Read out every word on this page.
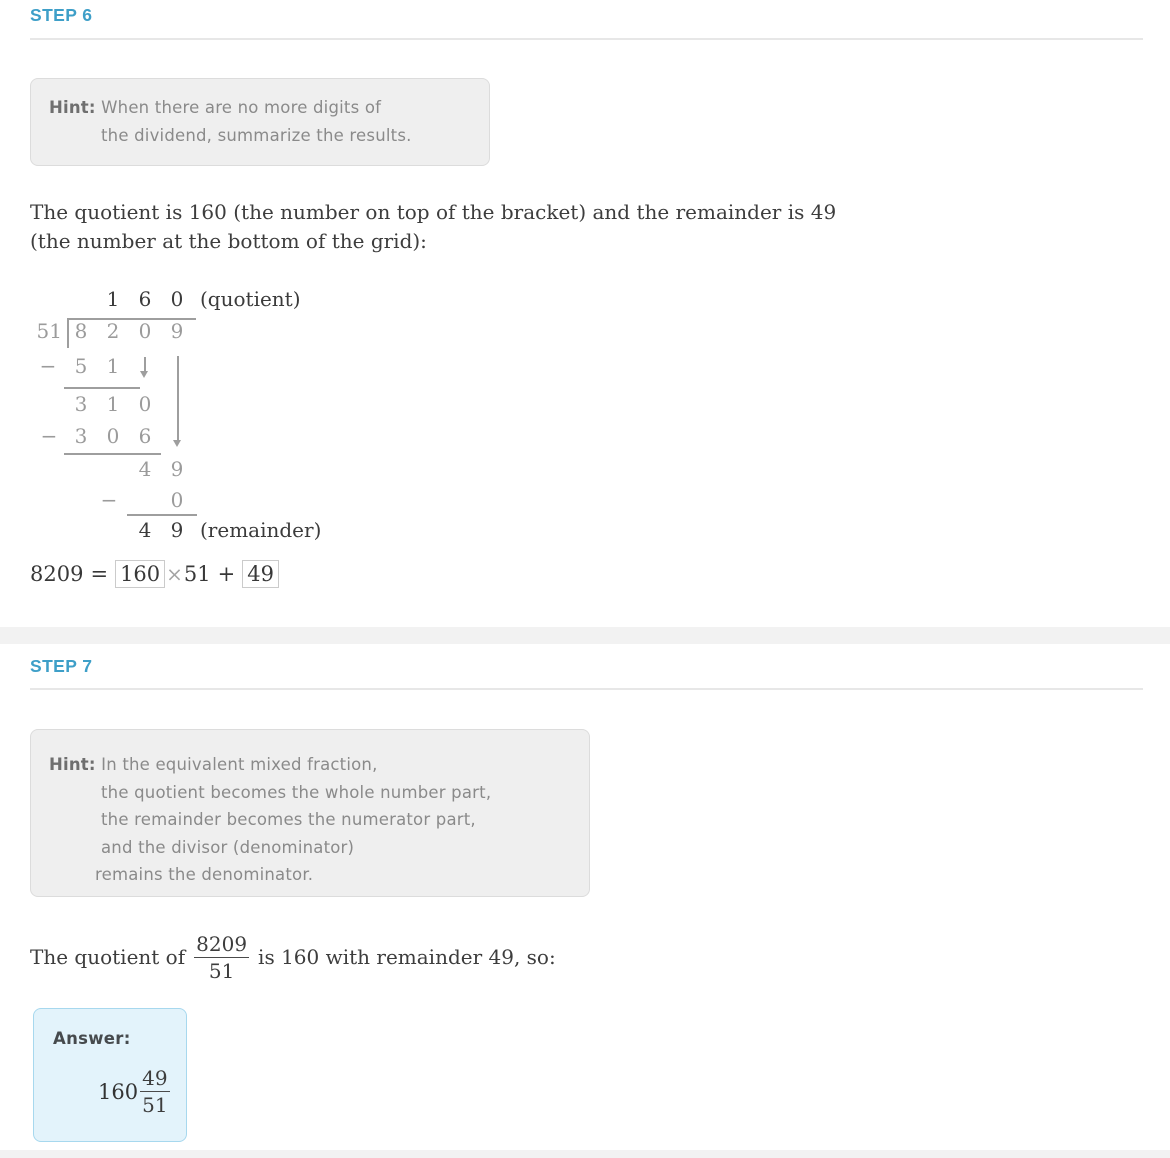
STEP 6
Hint: When there are no more digits of
the dividend, summarize the results.
The quotient is 160 (the number on top of the bracket) and the remainder is 49
(the number at the bottom of the grid):
1 6 0 (quotient)
51 8 2 0 9
− 5 1
3 1 0
− 3 0 6
4 9
−	0
4 9 (remainder)
8209 = 160 × 51 + 49
STEP 7
Hint: In the equivalent mixed fraction,
the quotient becomes the whole number part,
the remainder becomes the numerator part,
and the divisor (denominator)
remains the denominator.
The quotient of $\frac{8209}{51}$ is 160 with remainder 49, so:
Answer:
$160 \frac{49}{51}$
